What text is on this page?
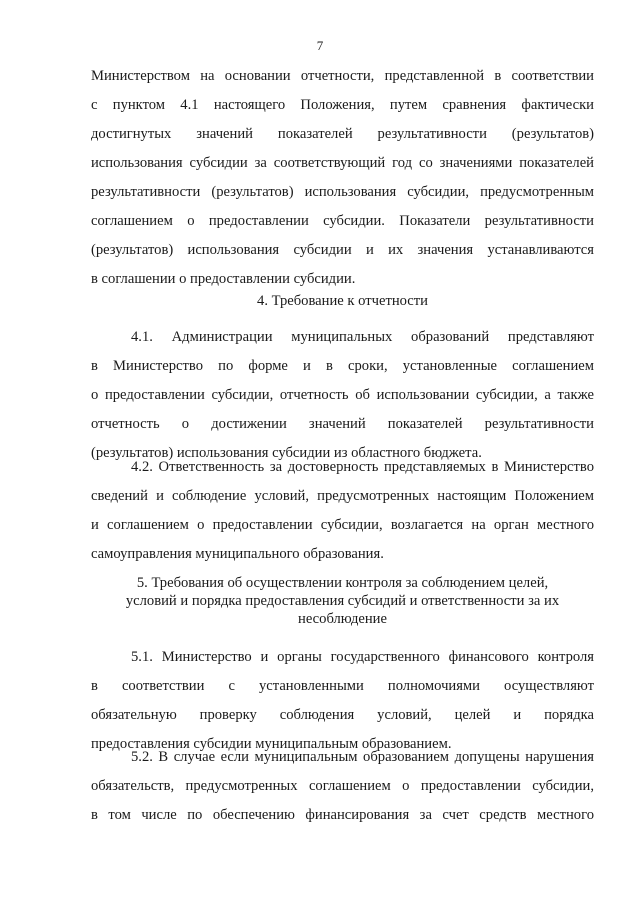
7
Министерством на основании отчетности, представленной в соответствии
с пунктом 4.1 настоящего Положения, путем сравнения фактически
достигнутых значений показателей результативности (результатов)
использования субсидии за соответствующий год со значениями показателей
результативности (результатов) использования субсидии, предусмотренным
соглашением о предоставлении субсидии. Показатели результативности
(результатов) использования субсидии и их значения устанавливаются
в соглашении о предоставлении субсидии.
4. Требование к отчетности
4.1. Администрации муниципальных образований представляют
в Министерство по форме и в сроки, установленные соглашением
о предоставлении субсидии, отчетность об использовании субсидии, а также
отчетность о достижении значений показателей результативности
(результатов) использования субсидии из областного бюджета.
4.2. Ответственность за достоверность представляемых в Министерство
сведений и соблюдение условий, предусмотренных настоящим Положением
и соглашением о предоставлении субсидии, возлагается на орган местного
самоуправления муниципального образования.
5. Требования об осуществлении контроля за соблюдением целей,
условий и порядка предоставления субсидий и ответственности за их
несоблюдение
5.1. Министерство и органы государственного финансового контроля
в соответствии с установленными полномочиями осуществляют
обязательную проверку соблюдения условий, целей и порядка
предоставления субсидии муниципальным образованием.
5.2. В случае если муниципальным образованием допущены нарушения
обязательств, предусмотренных соглашением о предоставлении субсидии,
в том числе по обеспечению финансирования за счет средств местного
